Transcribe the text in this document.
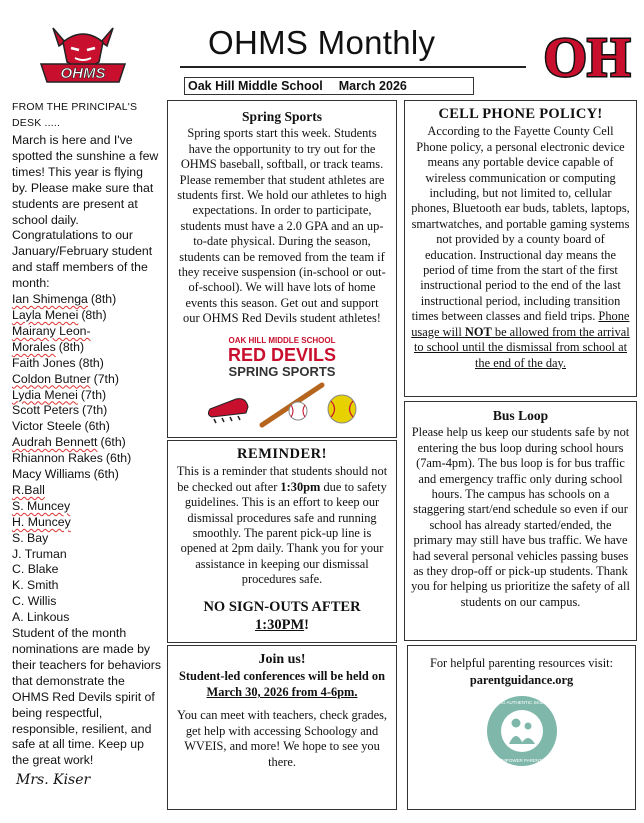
OHMS
OHMS Monthly
Oak Hill Middle School March 2026	OH
FROM THE PRINCIPAL'S DESK .....

March is here and I've spotted the sunshine a few times! This year is flying by. Please make sure that students are present at school daily.

Congratulations to our January/February student and staff members of the month:

Ian Shimenga (8th)
Layla Menei (8th)
Mairany Leon-Morales (8th)
Faith Jones (8th)
Coldon Butner (7th)
Lydia Menei (7th)
Scott Peters (7th)
Victor Steele (6th)
Audrah Bennett (6th)
Rhiannon Rakes (6th)
Macy Williams (6th)
R.Ball
S. Muncey
H. Muncey
S. Bay
J. Truman
C. Blake
K. Smith
C. Willis
A. Linkous

Student of the month nominations are made by their teachers for behaviors that demonstrate the OHMS Red Devils spirit of being respectful, responsible, resilient, and safe at all time. Keep up the great work!

Mrs. Kiser
Spring Sports
Spring sports start this week. Students have the opportunity to try out for the OHMS baseball, softball, or track teams. Please remember that student athletes are students first. We hold our athletes to high expectations. In order to participate, students must have a 2.0 GPA and an up-to-date physical. During the season, students can be removed from the team if they receive suspension (in-school or out-of-school). We will have lots of home events this season. Get out and support our OHMS Red Devils student athletes!
OAK HILL MIDDLE SCHOOL
RED DEVILS
SPRING SPORTS
REMINDER!
This is a reminder that students should not be checked out after 1:30pm due to safety guidelines. This is an effort to keep our dismissal procedures safe and running smoothly. The parent pick-up line is opened at 2pm daily. Thank you for your assistance in keeping our dismissal procedures safe.
NO SIGN-OUTS AFTER
1:30PM!
Join us!
Student-led conferences will be held on March 30, 2026 from 4-6pm.
You can meet with teachers, check grades, get help with accessing Schoology and WVEIS, and more! We hope to see you there.
CELL PHONE POLICY!
According to the Fayette County Cell Phone policy, a personal electronic device means any portable device capable of wireless communication or computing including, but not limited to, cellular phones, Bluetooth ear buds, tablets, laptops, smartwatches, and portable gaming systems not provided by a county board of education. Instructional day means the period of time from the start of the first instructional period to the end of the last instructional period, including transition times between classes and field trips. Phone usage will NOT be allowed from the arrival to school until the dismissal from school at the end of the day.
Bus Loop
Please help us keep our students safe by not entering the bus loop during school hours (7am-4pm). The bus loop is for bus traffic and emergency traffic only during school hours. The campus has schools on a staggering start/end schedule so even if our school has already started/ended, the primary may still have bus traffic. We have had several personal vehicles passing buses as they drop-off or pick-up students. Thank you for helping us prioritize the safety of all students on our campus.
For helpful parenting resources visit:
parentguidance.org
ORG AUTHENTIC SKILLS
EMPOWER PARENTS
